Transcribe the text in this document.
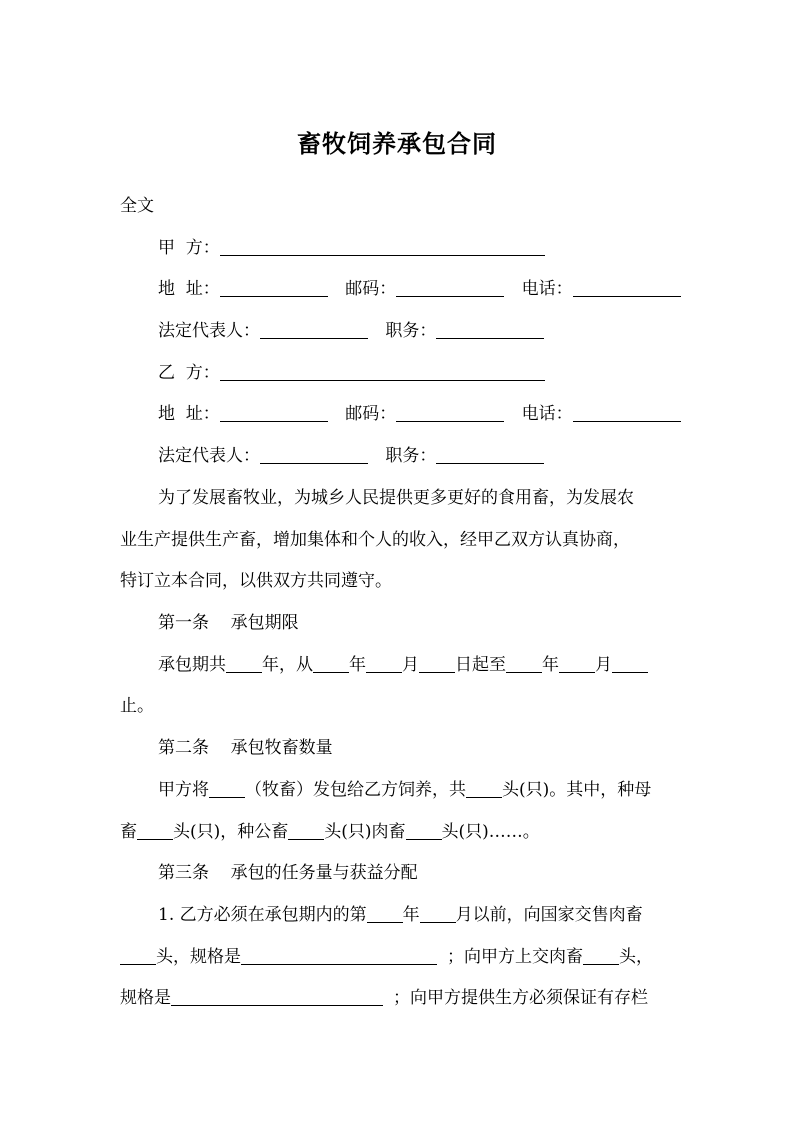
畜牧饲养承包合同
全文
甲  方：
地  址：	邮码：	电话：
法定代表人：	职务：
乙  方：
地  址：	邮码：	电话：
法定代表人：	职务：
为了发展畜牧业，为城乡人民提供更多更好的食用畜，为发展农
业生产提供生产畜，增加集体和个人的收入，经甲乙双方认真协商，
特订立本合同，以供双方共同遵守。
第一条    承包期限
承包期共 年，从 年 月 日起至 年 月
止。
第二条    承包牧畜数量
甲方将 （牧畜）发包给乙方饲养，共 头(只)。其中，种母
畜 头(只)，种公畜 头(只)肉畜 头(只)……。
第三条    承包的任务量与获益分配
1. 乙方必须在承包期内的第 年 月以前，向国家交售肉畜
头，规格是	；向甲方上交肉畜 头，
规格是	；向甲方提供生方必须保证有存栏
